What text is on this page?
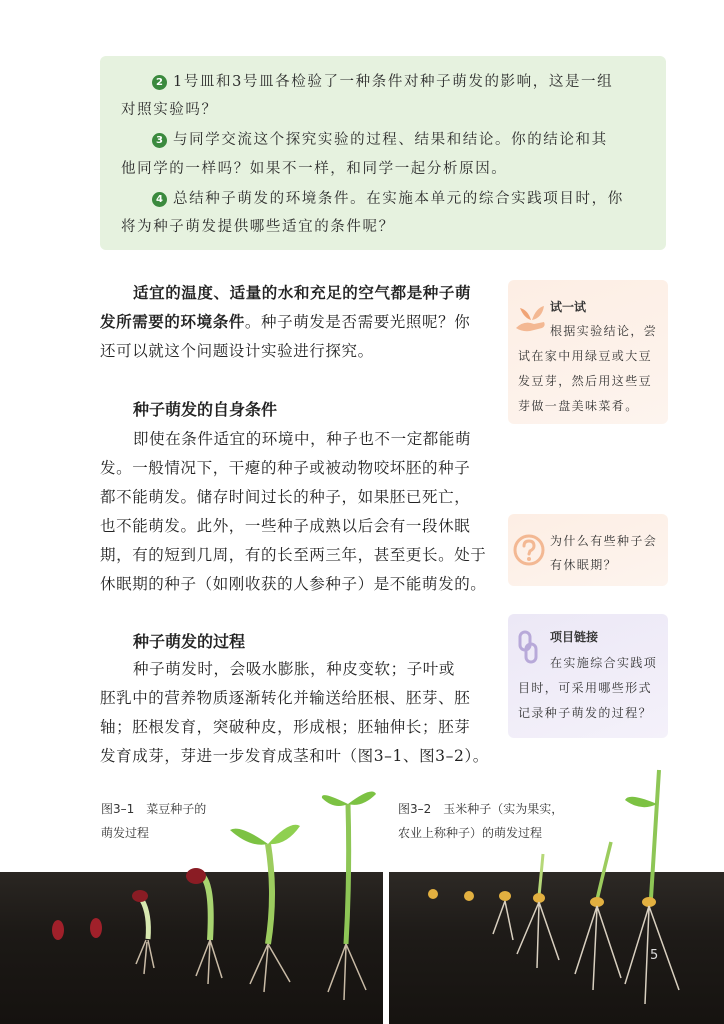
2 1号皿和3号皿各检验了一种条件对种子萌发的影响，这是一组
对照实验吗？
3 与同学交流这个探究实验的过程、结果和结论。你的结论和其
他同学的一样吗？如果不一样，和同学一起分析原因。
4 总结种子萌发的环境条件。在实施本单元的综合实践项目时，你
将为种子萌发提供哪些适宜的条件呢？
适宜的温度、适量的水和充足的空气都是种子萌
发所需要的环境条件。种子萌发是否需要光照呢？你
还可以就这个问题设计实验进行探究。
种子萌发的自身条件
即使在条件适宜的环境中，种子也不一定都能萌
发。一般情况下，干瘪的种子或被动物咬坏胚的种子
都不能萌发。储存时间过长的种子，如果胚已死亡，
也不能萌发。此外，一些种子成熟以后会有一段休眠
期，有的短到几周，有的长至两三年，甚至更长。处于
休眠期的种子（如刚收获的人参种子）是不能萌发的。
种子萌发的过程
种子萌发时，会吸水膨胀，种皮变软；子叶或
胚乳中的营养物质逐渐转化并输送给胚根、胚芽、胚
轴；胚根发育，突破种皮，形成根；胚轴伸长；胚芽
发育成芽，芽进一步发育成茎和叶（图3–1、图3–2）。
试一试
根据实验结论，尝
试在家中用绿豆或大豆
发豆芽，然后用这些豆
芽做一盘美味菜肴。
为什么有些种子会
有休眠期？
项目链接
在实施综合实践项
目时，可采用哪些形式
记录种子萌发的过程？
图3–1　菜豆种子的
萌发过程
图3–2　玉米种子（实为果实，
农业上称种子）的萌发过程
5
